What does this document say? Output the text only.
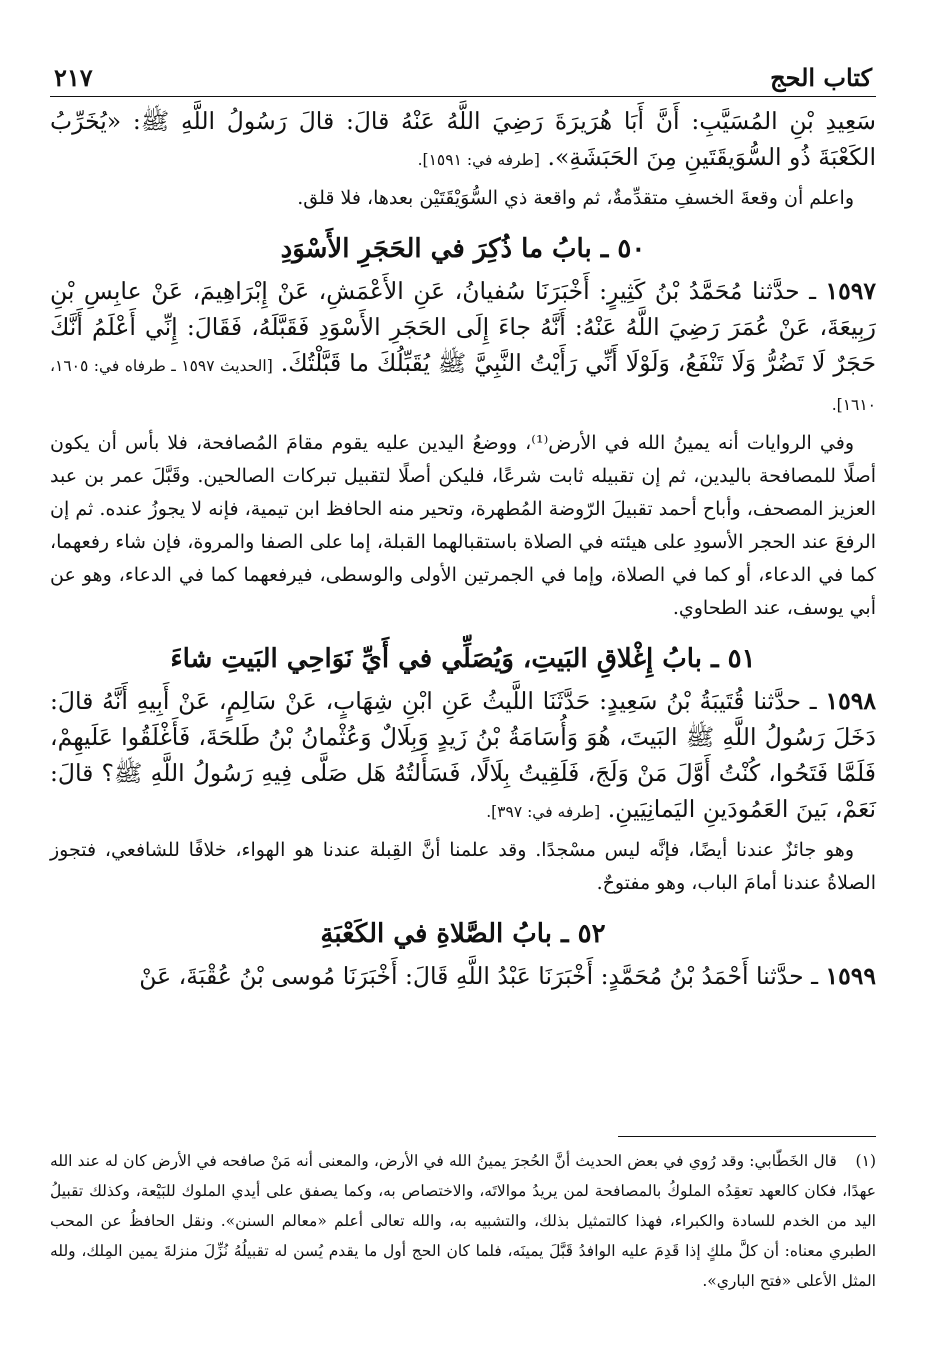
كتاب الحج
٢١٧

سَعِيدِ بْنِ المُسَيَّبِ: أَنَّ أَبَا هُرَيرَةَ رَضِيَ اللَّهُ عَنْهُ قالَ: قالَ رَسُولُ اللَّهِ ﷺ: «يُخَرِّبُ الكَعْبَةَ ذُو السُّوَيقَتَينِ مِنَ الحَبَشَةِ». [طرفه في: ١٥٩١].

واعلم أن وقعةَ الخسفِ متقدِّمةٌ، ثم واقعة ذي السُّوَيْقَتَيْن بعدها، فلا قلق.

٥٠ ـ بابُ ما ذُكِرَ في الحَجَرِ الأَسْوَدِ

١٥٩٧ ـ حدَّثنا مُحَمَّدُ بْنُ كَثِيرٍ: أَخْبَرَنَا سُفيانُ، عَنِ الأَعْمَشِ، عَنْ إِبْرَاهِيمَ، عَنْ عابِسِ بْنِ رَبِيعَةَ، عَنْ عُمَرَ رَضِيَ اللَّهُ عَنْهُ: أَنَّهُ جاءَ إِلَى الحَجَرِ الأَسْوَدِ فَقَبَّلَهُ، فَقَالَ: إِنِّي أَعْلَمُ أَنَّكَ حَجَرٌ لَا تَضُرُّ وَلَا تَنْفَعُ، وَلَوْلَا أَنِّي رَأَيْتُ النَّبِيَّ ﷺ يُقَبِّلُكَ ما قَبَّلْتُكَ. [الحديث ١٥٩٧ ـ طرفاه في: ١٦٠٥، ١٦١٠].

وفي الروايات أنه يمينُ الله في الأرض⁽¹⁾، ووضعُ اليدين عليه يقوم مقامَ المُصافحة، فلا بأس أن يكون أصلًا للمصافحة باليدين، ثم إن تقبيله ثابت شرعًا، فليكن أصلًا لتقبيل تبركات الصالحين. وقَبَّلَ عمر بن عبد العزيز المصحف، وأباح أحمد تقبيلَ الرّوضة المُطهرة، وتحير منه الحافظ ابن تيمية، فإنه لا يجوزُ عنده. ثم إن الرفعَ عند الحجر الأسودِ على هيئته في الصلاة باستقبالهما القبلة، إما على الصفا والمروة، فإن شاء رفعهما، كما في الدعاء، أو كما في الصلاة، وإما في الجمرتين الأولى والوسطى، فيرفعهما كما في الدعاء، وهو عن أبي يوسف، عند الطحاوي.

٥١ ـ بابُ إِغْلاقِ البَيتِ، وَيُصَلِّي في أَيِّ نَوَاحِي البَيتِ شاءَ

١٥٩٨ ـ حدَّثنا قُتَيبَةُ بْنُ سَعِيدٍ: حَدَّثَنَا اللَّيثُ عَنِ ابْنِ شِهَابٍ، عَنْ سَالِمٍ، عَنْ أَبِيهِ أَنَّهُ قالَ: دَخَلَ رَسُولُ اللَّهِ ﷺ البَيتَ، هُوَ وَأُسَامَةُ بْنُ زَيدٍ وَبِلَالٌ وَعُثْمانُ بْنُ طَلحَةَ، فَأَغْلَقُوا عَلَيهِمْ، فَلَمَّا فَتَحُوا، كُنْتُ أَوَّلَ مَنْ وَلَجَ، فَلَقِيتُ بِلَالًا، فَسَأَلتُهُ هَل صَلَّى فِيهِ رَسُولُ اللَّهِ ﷺ؟ قالَ: نَعَمْ، بَينَ العَمُودَينِ اليَمانِيَينِ. [طرفه في: ٣٩٧].

وهو جائزٌ عندنا أيضًا، فإنَّه ليس مسْجدًا. وقد علمنا أنَّ القِبلة عندنا هو الهواء، خلافًا للشافعي، فتجوز الصلاةُ عندنا أمامَ الباب، وهو مفتوحٌ.

٥٢ ـ بابُ الصَّلاةِ في الكَعْبَةِ

١٥٩٩ ـ حدَّثنا أَحْمَدُ بْنُ مُحَمَّدٍ: أَخْبَرَنَا عَبْدُ اللَّهِ قَالَ: أَخْبَرَنَا مُوسى بْنُ عُقْبَةَ، عَنْ

(١) قال الخَطّابي: وقد رُوي في بعض الحديث أنَّ الحُجرَ يمينُ الله في الأرض، والمعنى أنه مَنْ صافحه في الأرض كان له عند الله عهدًا، فكان كالعهد تعقِدُه الملوكُ بالمصافحة لمن يريدُ موالاتَه، والاختصاص به، وكما يصفق على أيدي الملوك للبَيْعة، وكذلك تقبيلُ اليد من الخدم للسادة والكبراء، فهذا كالتمثيل بذلك، والتشبيه به، والله تعالى أعلم «معالم السنن». ونقل الحافظُ عن المحب الطبري معناه: أن كلَّ ملكٍ إذا قَدِمَ عليه الوافدُ قَبَّلَ يمينَه، فلما كان الحج أول ما يقدم يُسن له تقبيلُهُ نُزِّلَ منزلةَ يمين المِلك، ولله المثل الأعلى «فتح الباري».
